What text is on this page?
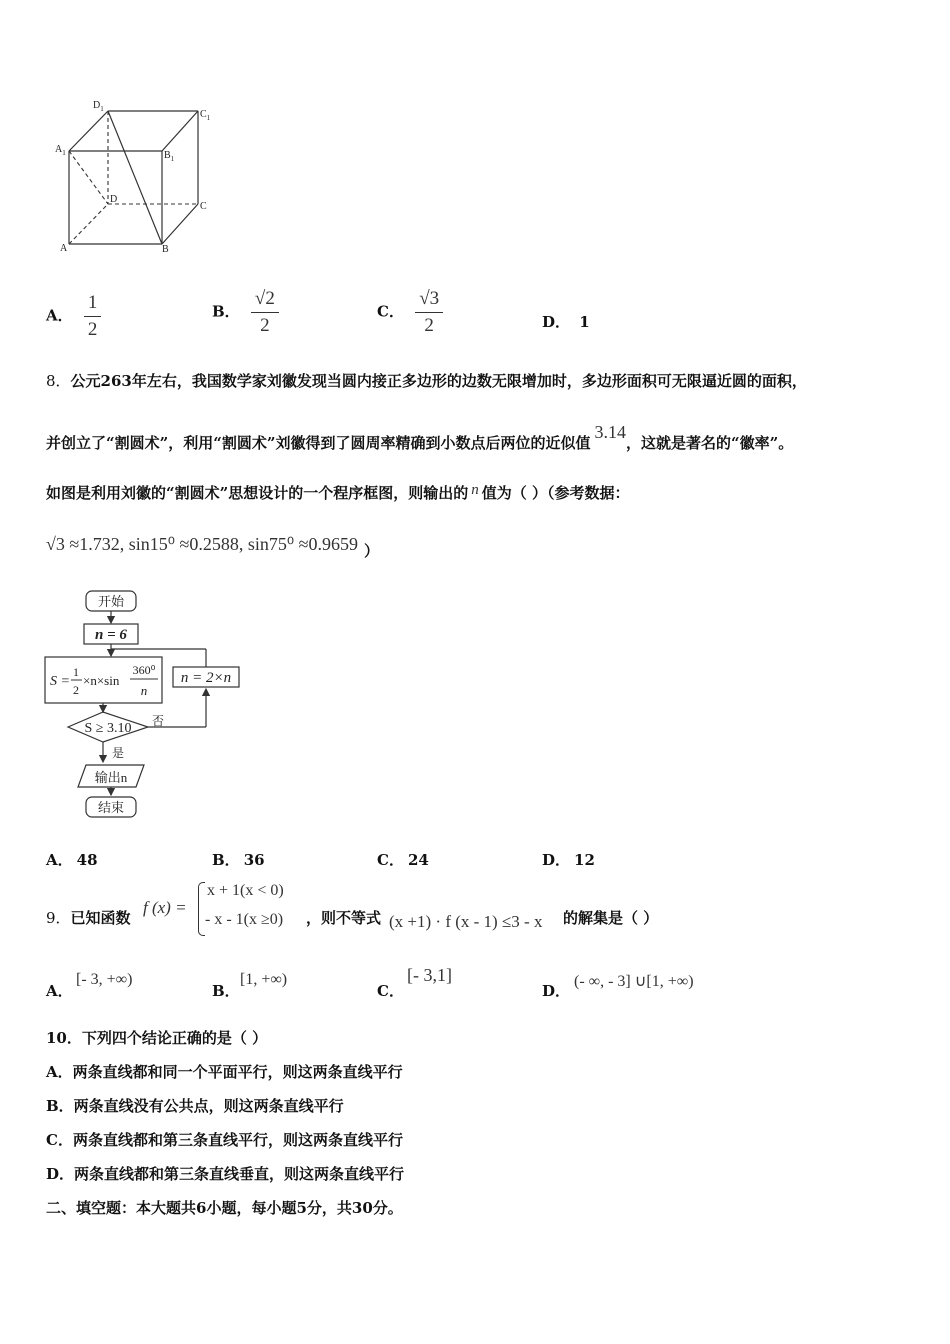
$D_1$	$C_1$
$A_1$	$B_1$
D
C
A	B
A． $\frac{1}{2}$	B． $\frac{√2}{2}$	C． $\frac{√3}{2}$	D． 1
8．公元263年左右，我国数学家刘徽发现当圆内接正多边形的边数无限增加时，多边形面积可无限逼近圆的面积，
并创立了“割圆术”，利用“割圆术”刘徽得到了圆周率精确到小数点后两位的近似值3.14，这就是著名的“徽率”。
如图是利用刘徽的“割圆术”思想设计的一个程序框图，则输出的 n 值为（ ）（参考数据：
√3 ≈1.732, sin15⁰ ≈0.2588, sin75⁰ ≈0.9659 ）
开始
n = 6
S =
1
2
×n×sin
360⁰
n
n = 2×n
S ≥ 3.10 否
是
输出n
结束
A． 48	B． 36	C． 24	D． 12
9．已知函数
f (x) =
x + 1(x < 0)
- x - 1(x ≥0) ，则不等式 (x +1) · f (x - 1) ≤3 - x 的解集是（ ）
A．
[- 3, +∞)
B．
[1, +∞)
C．
[- 3,1]
D．
(- ∞, - 3] ∪[1, +∞)
10．下列四个结论正确的是（ ）
A．两条直线都和同一个平面平行，则这两条直线平行
B．两条直线没有公共点，则这两条直线平行
C．两条直线都和第三条直线平行，则这两条直线平行
D．两条直线都和第三条直线垂直，则这两条直线平行
二、填空题：本大题共6小题，每小题5分，共30分。
